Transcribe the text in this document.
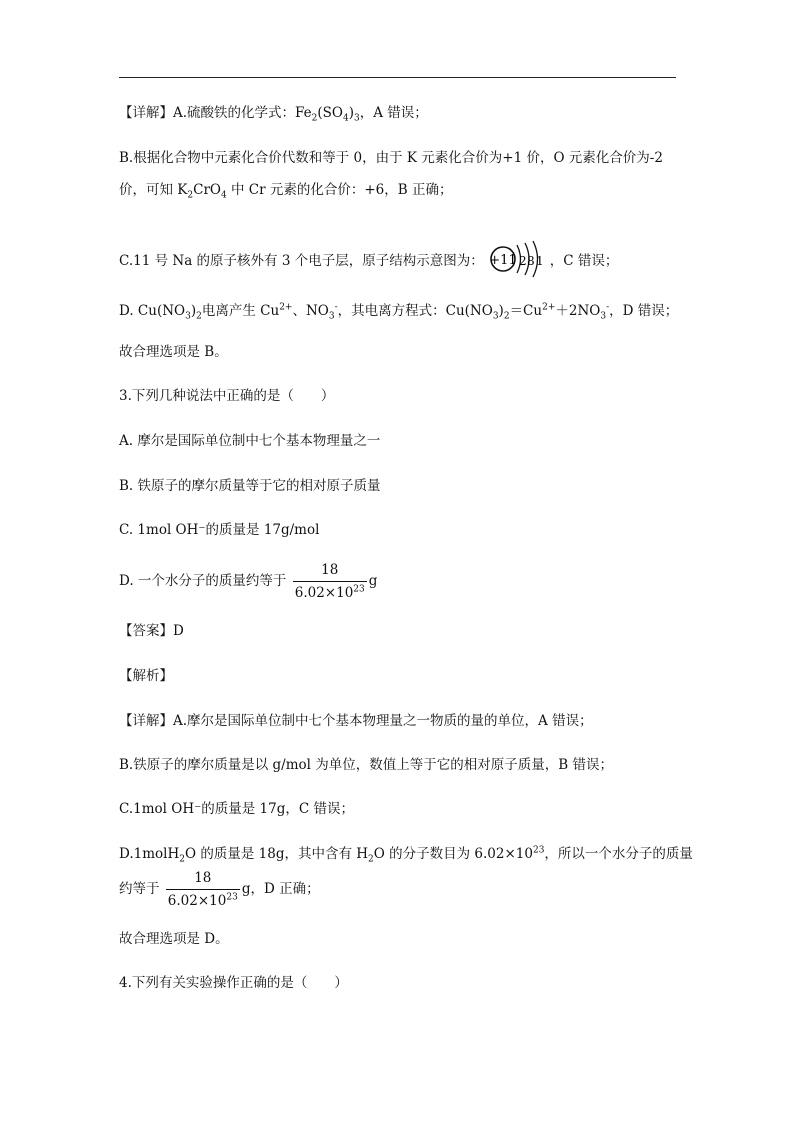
【详解】A.硫酸铁的化学式：$Fe_2(SO_4)_3$，A 错误；
B.根据化合物中元素化合价代数和等于 0，由于 K 元素化合价为+1 价，O 元素化合价为-2
价，可知 $K_2CrO_4$ 中 Cr 元素的化合价：+6，B 正确；
C.11 号 Na 的原子核外有 3 个电子层，原子结构示意图为： +11 2 8 1 ，C 错误；
D. $Cu(NO_3)_2$电离产生 $Cu^{2+}$、$NO_3^-$，其电离方程式：$Cu(NO_3)_2=Cu^{2+}+2NO_3^-$，D 错误；
故合理选项是 B。
3.下列几种说法中正确的是（　　）
A. 摩尔是国际单位制中七个基本物理量之一
B. 铁原子的摩尔质量等于它的相对原子质量
C. 1mol OH⁻的质量是 17g/mol
D. 一个水分子的质量约等于 $\frac{18}{6.02\times 10^{23}}$ g
【答案】D
【解析】
【详解】A.摩尔是国际单位制中七个基本物理量之一物质的量的单位，A 错误；
B.铁原子的摩尔质量是以 g/mol 为单位，数值上等于它的相对原子质量，B 错误；
C.1mol OH⁻的质量是 17g，C 错误；
D.1molH$_2$O 的质量是 18g，其中含有 $H_2O$ 的分子数目为 $6.02\times 10^{23}$，所以一个水分子的质量
约等于 $\frac{18}{6.02\times 10^{23}}$ g，D 正确；
故合理选项是 D。
4.下列有关实验操作正确的是（　　）
